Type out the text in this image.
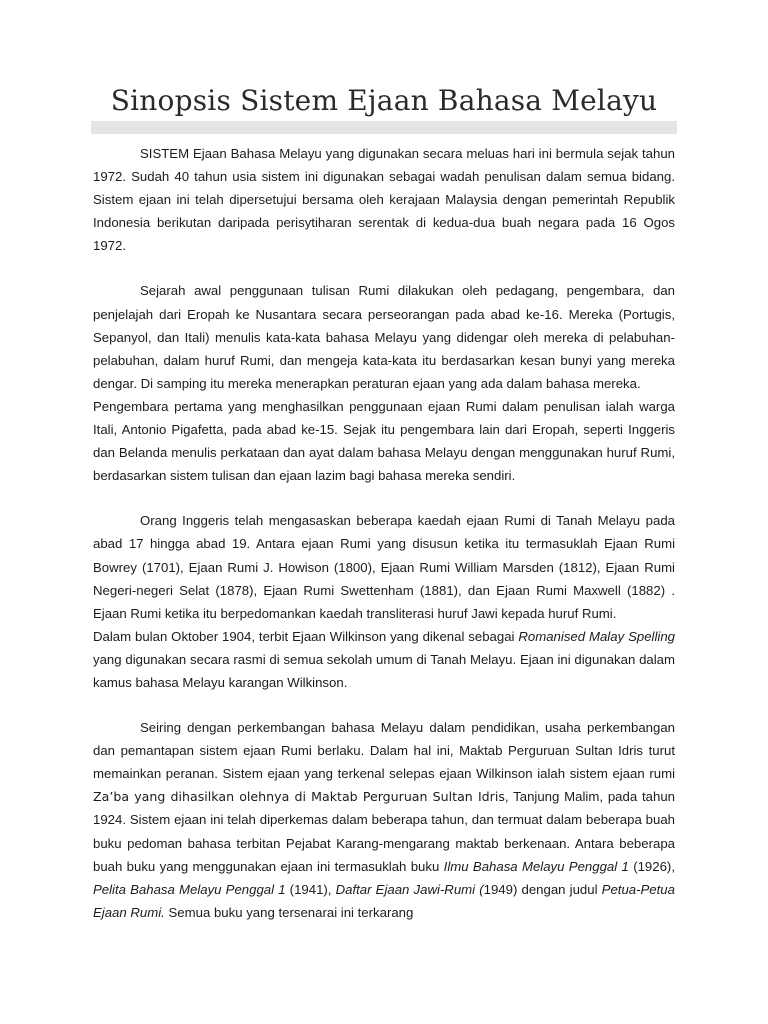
Sinopsis Sistem Ejaan Bahasa Melayu

SISTEM Ejaan Bahasa Melayu yang digunakan secara meluas hari ini bermula sejak tahun 1972. Sudah 40 tahun usia sistem ini digunakan sebagai wadah penulisan dalam semua bidang. Sistem ejaan ini telah dipersetujui bersama oleh kerajaan Malaysia dengan pemerintah Republik Indonesia berikutan daripada perisytiharan serentak di kedua-dua buah negara pada 16 Ogos 1972.

Sejarah awal penggunaan tulisan Rumi dilakukan oleh pedagang, pengembara, dan penjelajah dari Eropah ke Nusantara secara perseorangan pada abad ke-16. Mereka (Portugis, Sepanyol, dan Itali) menulis kata-kata bahasa Melayu yang didengar oleh mereka di pelabuhan-pelabuhan, dalam huruf Rumi, dan mengeja kata-kata itu berdasarkan kesan bunyi yang mereka dengar. Di samping itu mereka menerapkan peraturan ejaan yang ada dalam bahasa mereka.

Pengembara pertama yang menghasilkan penggunaan ejaan Rumi dalam penulisan ialah warga Itali, Antonio Pigafetta, pada abad ke-15. Sejak itu pengembara lain dari Eropah, seperti Inggeris dan Belanda menulis perkataan dan ayat dalam bahasa Melayu dengan menggunakan huruf Rumi, berdasarkan sistem tulisan dan ejaan lazim bagi bahasa mereka sendiri.

Orang Inggeris telah mengasaskan beberapa kaedah ejaan Rumi di Tanah Melayu pada abad 17 hingga abad 19. Antara ejaan Rumi yang disusun ketika itu termasuklah Ejaan Rumi Bowrey (1701), Ejaan Rumi J. Howison (1800), Ejaan Rumi William Marsden (1812), Ejaan Rumi Negeri-negeri Selat (1878), Ejaan Rumi Swettenham (1881), dan Ejaan Rumi Maxwell (1882) . Ejaan Rumi ketika itu berpedomankan kaedah transliterasi huruf Jawi kepada huruf Rumi.

Dalam bulan Oktober 1904, terbit Ejaan Wilkinson yang dikenal sebagai Romanised Malay Spelling yang digunakan secara rasmi di semua sekolah umum di Tanah Melayu. Ejaan ini digunakan dalam kamus bahasa Melayu karangan Wilkinson.

Seiring dengan perkembangan bahasa Melayu dalam pendidikan, usaha perkembangan dan pemantapan sistem ejaan Rumi berlaku. Dalam hal ini, Maktab Perguruan Sultan Idris turut memainkan peranan. Sistem ejaan yang terkenal selepas ejaan Wilkinson ialah sistem ejaan rumi Za’ba yang dihasilkan olehnya di Maktab Perguruan Sultan Idris, Tanjung Malim, pada tahun 1924. Sistem ejaan ini telah diperkemas dalam beberapa tahun, dan termuat dalam beberapa buah buku pedoman bahasa terbitan Pejabat Karang-mengarang maktab berkenaan. Antara beberapa buah buku yang menggunakan ejaan ini termasuklah buku Ilmu Bahasa Melayu Penggal 1 (1926), Pelita Bahasa Melayu Penggal 1 (1941), Daftar Ejaan Jawi-Rumi (1949) dengan judul Petua-Petua Ejaan Rumi. Semua buku yang tersenarai ini terkarang
